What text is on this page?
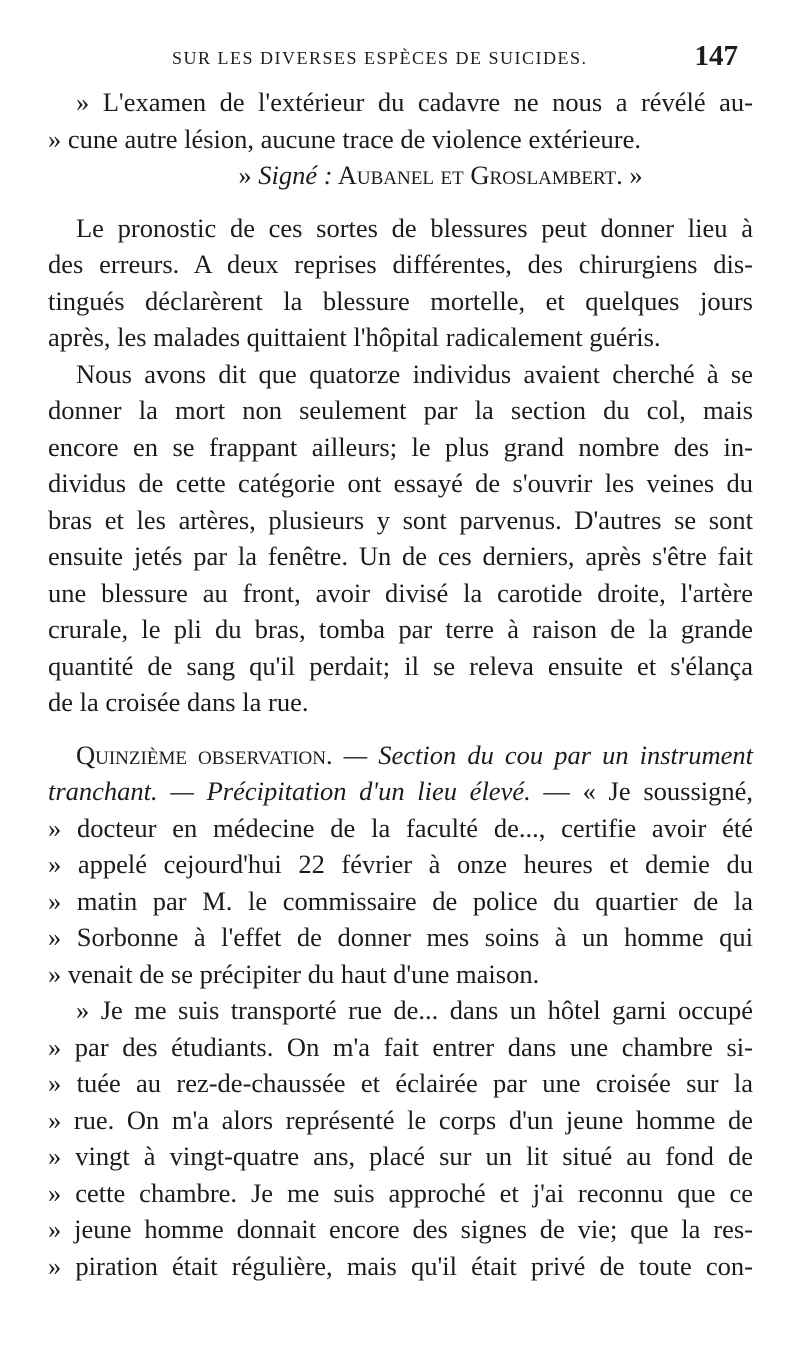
SUR LES DIVERSES ESPÈCES DE SUICIDES.	147
» L'examen de l'extérieur du cadavre ne nous a révélé au-
» cune autre lésion, aucune trace de violence extérieure.
» Signé : Aubanel et Groslambert. »
Le pronostic de ces sortes de blessures peut donner lieu à
des erreurs. A deux reprises différentes, des chirurgiens dis-
tingués déclarèrent la blessure mortelle, et quelques jours
après, les malades quittaient l'hôpital radicalement guéris.
Nous avons dit que quatorze individus avaient cherché à se
donner la mort non seulement par la section du col, mais
encore en se frappant ailleurs; le plus grand nombre des in-
dividus de cette catégorie ont essayé de s'ouvrir les veines du
bras et les artères, plusieurs y sont parvenus. D'autres se sont
ensuite jetés par la fenêtre. Un de ces derniers, après s'être fait
une blessure au front, avoir divisé la carotide droite, l'artère
crurale, le pli du bras, tomba par terre à raison de la grande
quantité de sang qu'il perdait; il se releva ensuite et s'élança
de la croisée dans la rue.
Quinzième observation. — Section du cou par un instrument
tranchant. — Précipitation d'un lieu élevé. — « Je soussigné,
» docteur en médecine de la faculté de..., certifie avoir été
» appelé cejourd'hui 22 février à onze heures et demie du
» matin par M. le commissaire de police du quartier de la
» Sorbonne à l'effet de donner mes soins à un homme qui
» venait de se précipiter du haut d'une maison.
» Je me suis transporté rue de... dans un hôtel garni occupé
» par des étudiants. On m'a fait entrer dans une chambre si-
» tuée au rez-de-chaussée et éclairée par une croisée sur la
» rue. On m'a alors représenté le corps d'un jeune homme de
» vingt à vingt-quatre ans, placé sur un lit situé au fond de
» cette chambre. Je me suis approché et j'ai reconnu que ce
» jeune homme donnait encore des signes de vie; que la res-
» piration était régulière, mais qu'il était privé de toute con-
